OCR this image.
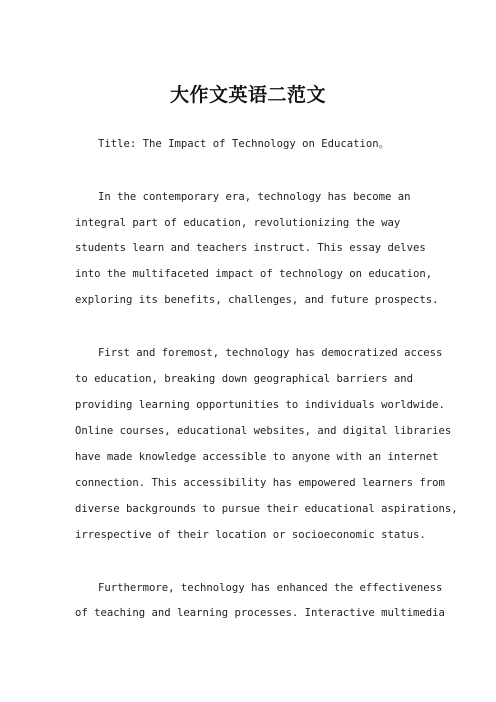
大作文英语二范文

Title: The Impact of Technology on Education。

In the contemporary era, technology has become an

integral part of education, revolutionizing the way

students learn and teachers instruct. This essay delves

into the multifaceted impact of technology on education,

exploring its benefits, challenges, and future prospects.

First and foremost, technology has democratized access

to education, breaking down geographical barriers and

providing learning opportunities to individuals worldwide.

Online courses, educational websites, and digital libraries

have made knowledge accessible to anyone with an internet

connection. This accessibility has empowered learners from

diverse backgrounds to pursue their educational aspirations,

irrespective of their location or socioeconomic status.

Furthermore, technology has enhanced the effectiveness

of teaching and learning processes. Interactive multimedia
